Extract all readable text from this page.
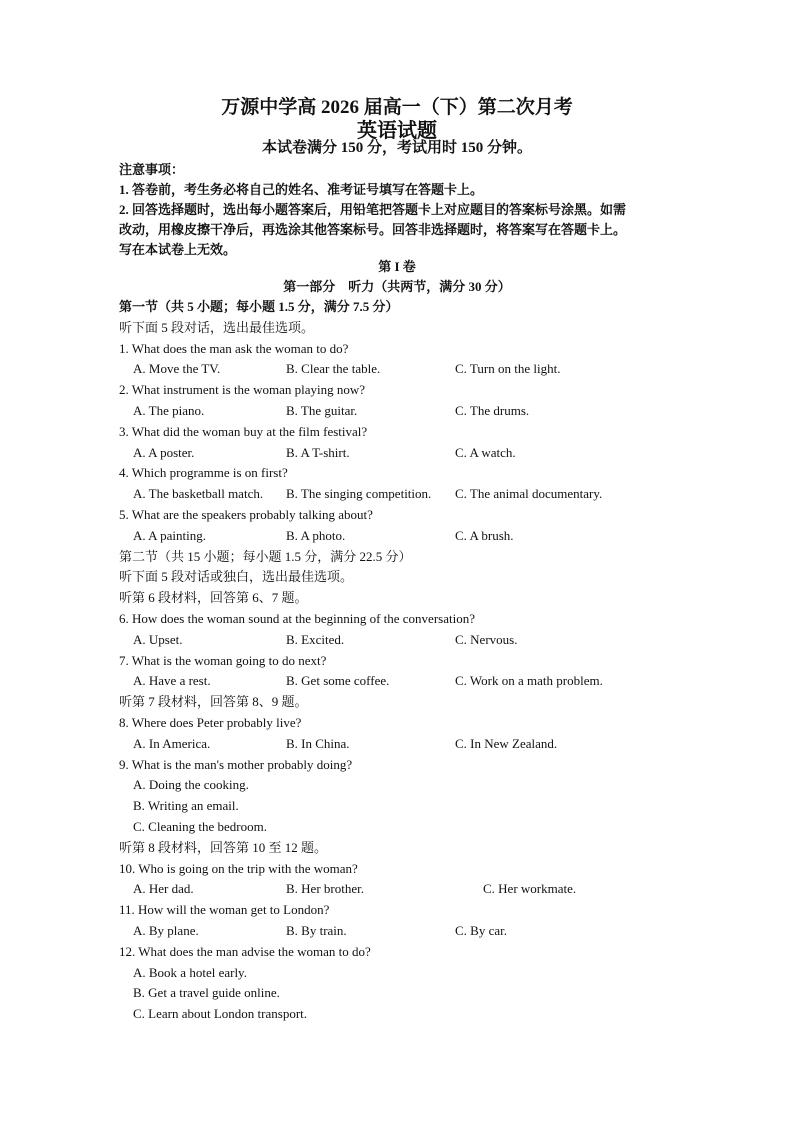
万源中学高 2026 届高一（下）第二次月考
英语试题
本试卷满分 150 分，考试用时 150 分钟。
注意事项：
1. 答卷前，考生务必将自己的姓名、准考证号填写在答题卡上。
2. 回答选择题时，选出每小题答案后，用铅笔把答题卡上对应题目的答案标号涂黑。如需
改动，用橡皮擦干净后，再选涂其他答案标号。回答非选择题时，将答案写在答题卡上。
写在本试卷上无效。
第 I 卷
第一部分　听力（共两节，满分 30 分）
第一节（共 5 小题；每小题 1.5 分，满分 7.5 分）
听下面 5 段对话，选出最佳选项。
1. What does the man ask the woman to do?
A. Move the TV.	B. Clear the table.	C. Turn on the light.
2. What instrument is the woman playing now?
A. The piano.	B. The guitar.	C. The drums.
3. What did the woman buy at the film festival?
A. A poster.	B. A T-shirt.	C. A watch.
4. Which programme is on first?
A. The basketball match. B. The singing competition. C. The animal documentary.
5. What are the speakers probably talking about?
A. A painting.	B. A photo.	C. A brush.
第二节（共 15 小题；每小题 1.5 分，满分 22.5 分）
听下面 5 段对话或独白，选出最佳选项。
听第 6 段材料，回答第 6、7 题。
6. How does the woman sound at the beginning of the conversation?
A. Upset.	B. Excited.	C. Nervous.
7. What is the woman going to do next?
A. Have a rest.	B. Get some coffee.	C. Work on a math problem.
听第 7 段材料，回答第 8、9 题。
8. Where does Peter probably live?
A. In America.	B. In China.	C. In New Zealand.
9. What is the man's mother probably doing?
A. Doing the cooking.
B. Writing an email.
C. Cleaning the bedroom.
听第 8 段材料，回答第 10 至 12 题。
10. Who is going on the trip with the woman?
A. Her dad.	B. Her brother.	C. Her workmate.
11. How will the woman get to London?
A. By plane.	B. By train.	C. By car.
12. What does the man advise the woman to do?
A. Book a hotel early.
B. Get a travel guide online.
C. Learn about London transport.
